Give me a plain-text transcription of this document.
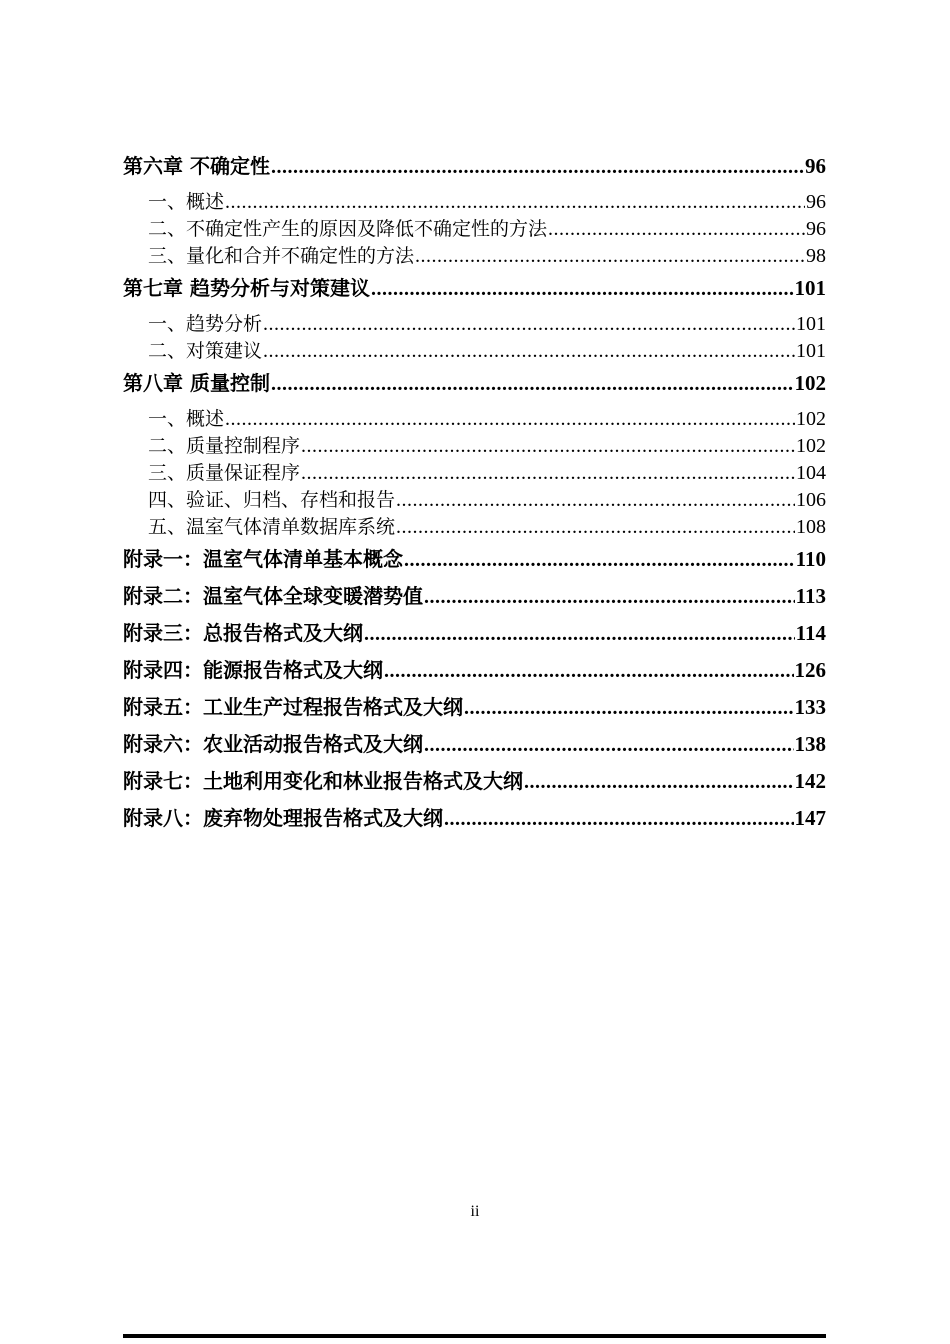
第六章 不确定性 .....	96
一、概述 .....	96
二、不确定性产生的原因及降低不确定性的方法 .....	96
三、量化和合并不确定性的方法 .....	98
第七章 趋势分析与对策建议 .....	101
一、趋势分析 .....	101
二、对策建议 .....	101
第八章 质量控制 .....	102
一、概述 .....	102
二、质量控制程序 .....	102
三、质量保证程序 .....	104
四、验证、归档、存档和报告 .....	106
五、温室气体清单数据库系统 .....	108
附录一：温室气体清单基本概念 .....	110
附录二：温室气体全球变暖潜势值 .....	113
附录三：总报告格式及大纲 .....	114
附录四：能源报告格式及大纲 .....	126
附录五：工业生产过程报告格式及大纲 .....	133
附录六：农业活动报告格式及大纲 .....	138
附录七：土地利用变化和林业报告格式及大纲 .....	142
附录八：废弃物处理报告格式及大纲 .....	147
ii
